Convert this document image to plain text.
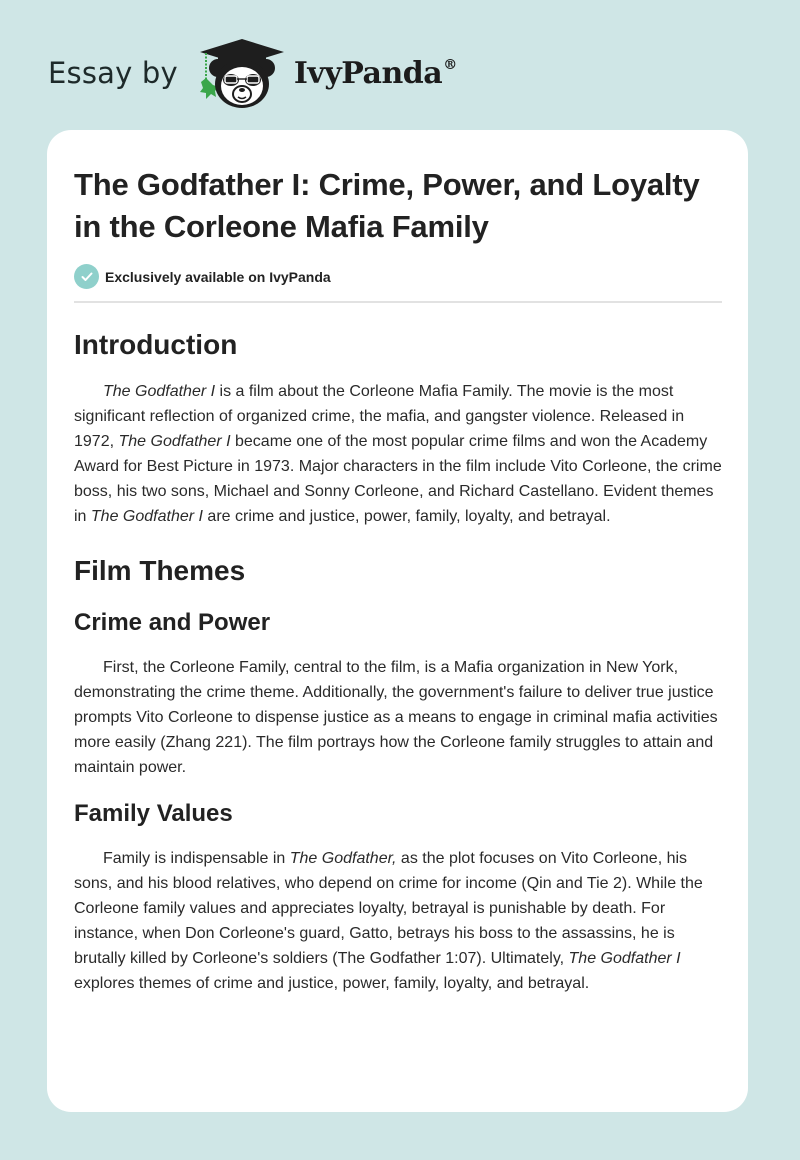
Essay by	IvyPanda®
The Godfather I: Crime, Power, and Loyalty in the Corleone Mafia Family
Exclusively available on IvyPanda
Introduction

The Godfather I is a film about the Corleone Mafia Family. The movie is the most significant reflection of organized crime, the mafia, and gangster violence. Released in 1972, The Godfather I became one of the most popular crime films and won the Academy Award for Best Picture in 1973. Major characters in the film include Vito Corleone, the crime boss, his two sons, Michael and Sonny Corleone, and Richard Castellano. Evident themes in The Godfather I are crime and justice, power, family, loyalty, and betrayal.

Film Themes
Crime and Power

First, the Corleone Family, central to the film, is a Mafia organization in New York, demonstrating the crime theme. Additionally, the government's failure to deliver true justice prompts Vito Corleone to dispense justice as a means to engage in criminal mafia activities more easily (Zhang 221). The film portrays how the Corleone family struggles to attain and maintain power.

Family Values

Family is indispensable in The Godfather, as the plot focuses on Vito Corleone, his sons, and his blood relatives, who depend on crime for income (Qin and Tie 2). While the Corleone family values and appreciates loyalty, betrayal is punishable by death. For instance, when Don Corleone's guard, Gatto, betrays his boss to the assassins, he is brutally killed by Corleone's soldiers (The Godfather 1:07). Ultimately, The Godfather I explores themes of crime and justice, power, family, loyalty, and betrayal.
